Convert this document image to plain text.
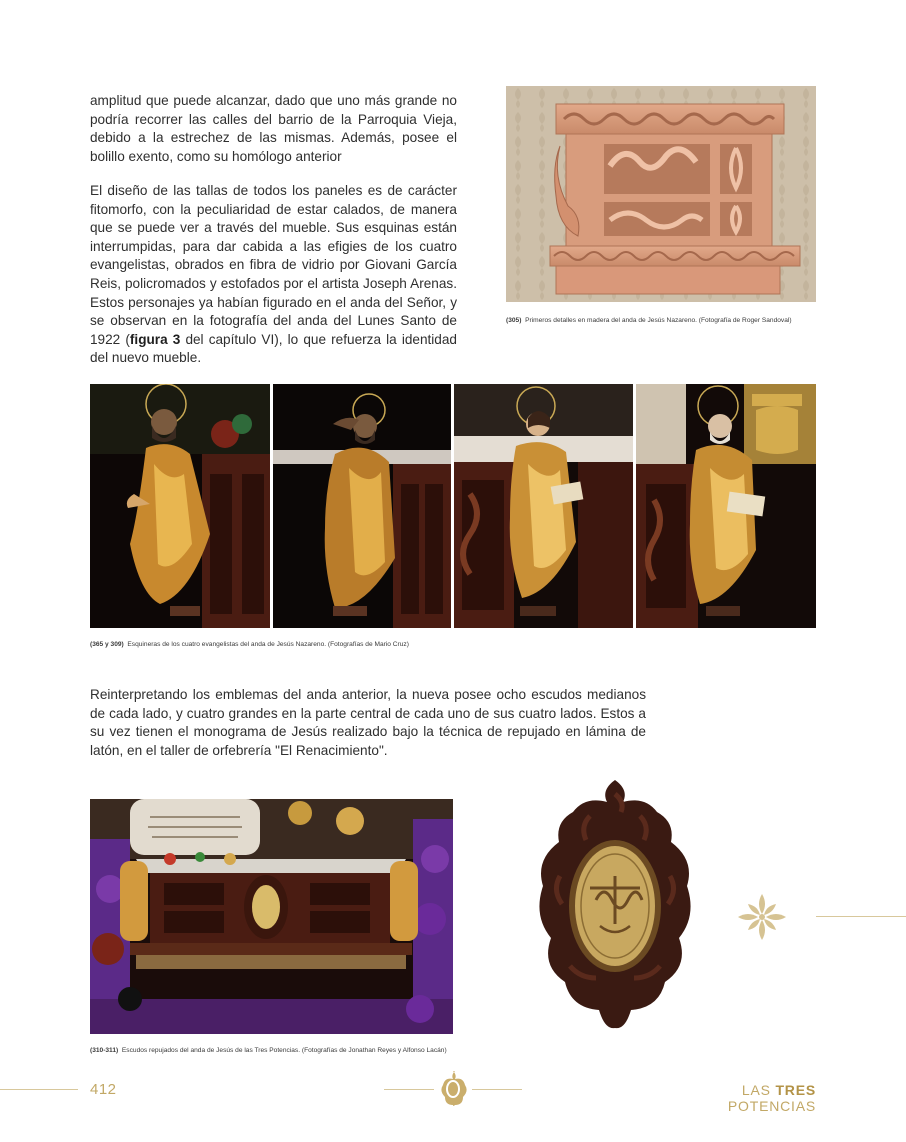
amplitud que puede alcanzar, dado que uno más grande no podría recorrer las calles del barrio de la Parroquia Vieja, debido a la estrechez de las mismas. Además, posee el bolillo exento, como su homólogo anterior
El diseño de las tallas de todos los paneles es de carácter fitomorfo, con la peculiaridad de estar calados, de manera que se puede ver a través del mueble. Sus esquinas están interrumpidas, para dar cabida a las efigies de los cuatro evangelistas, obrados en fibra de vidrio por Giovani García Reis, policromados y estofados por el artista Joseph Arenas. Estos personajes ya habían figurado en el anda del Señor, y se observan en la fotografía del anda del Lunes Santo de 1922 (figura 3 del capítulo VI), lo que refuerza la identidad del nuevo mueble.
(305) Primeros detalles en madera del anda de Jesús Nazareno. (Fotografía de Roger Sandoval)
(365 y 309) Esquineras de los cuatro evangelistas del anda de Jesús Nazareno. (Fotografías de Mario Cruz)
Reinterpretando los emblemas del anda anterior, la nueva posee ocho escudos medianos de cada lado, y cuatro grandes en la parte central de cada uno de sus cuatro lados. Estos a su vez tienen el monograma de Jesús realizado bajo la técnica de repujado en lámina de latón, en el taller de orfebrería "El Renacimiento".
(310-311) Escudos repujados del anda de Jesús de las Tres Potencias. (Fotografías de Jonathan Reyes y Alfonso Lacán)
412	LAS TRES POTENCIAS
